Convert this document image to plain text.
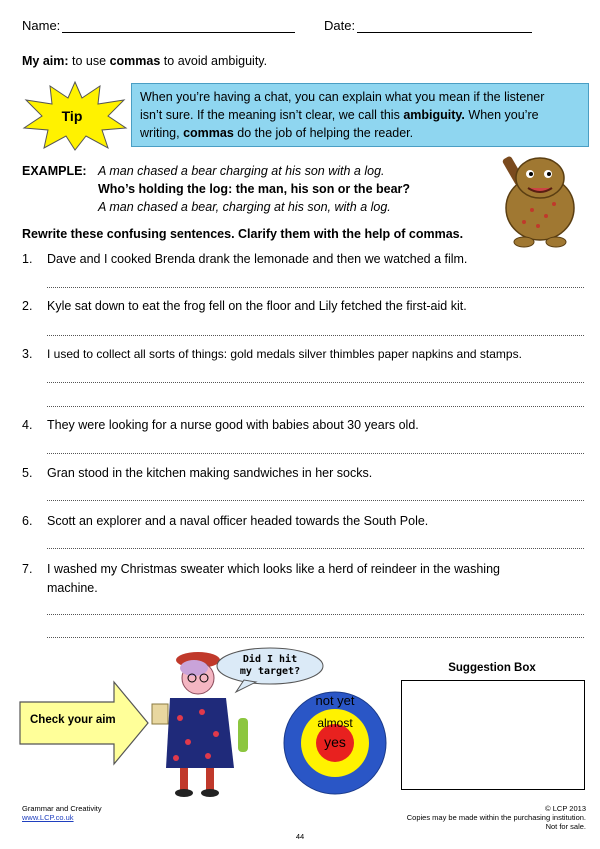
Name:	Date:
My aim: to use commas to avoid ambiguity.
Tip
When you’re having a chat, you can explain what you mean if the listener
isn’t sure. If the meaning isn’t clear, we call this ambiguity. When you’re
writing, commas do the job of helping the reader.
EXAMPLE: A man chased a bear charging at his son with a log.
Who’s holding the log: the man, his son or the bear?
A man chased a bear, charging at his son, with a log.
Rewrite these confusing sentences. Clarify them with the help of commas.
1. Dave and I cooked Brenda drank the lemonade and then we watched a film.
2. Kyle sat down to eat the frog fell on the floor and Lily fetched the first-aid kit.
3. I used to collect all sorts of things: gold medals silver thimbles paper napkins and stamps.
4. They were looking for a nurse good with babies about 30 years old.
5. Gran stood in the kitchen making sandwiches in her socks.
6. Scott an explorer and a naval officer headed towards the South Pole.
7. I washed my Christmas sweater which looks like a herd of reindeer in the washing
machine.
Check your aim
Did I hit
my target?
not yet
almost
yes
Suggestion Box
Grammar and Creativity
www.LCP.co.uk
© LCP 2013
Copies may be made within the purchasing institution.
Not for sale.
44
